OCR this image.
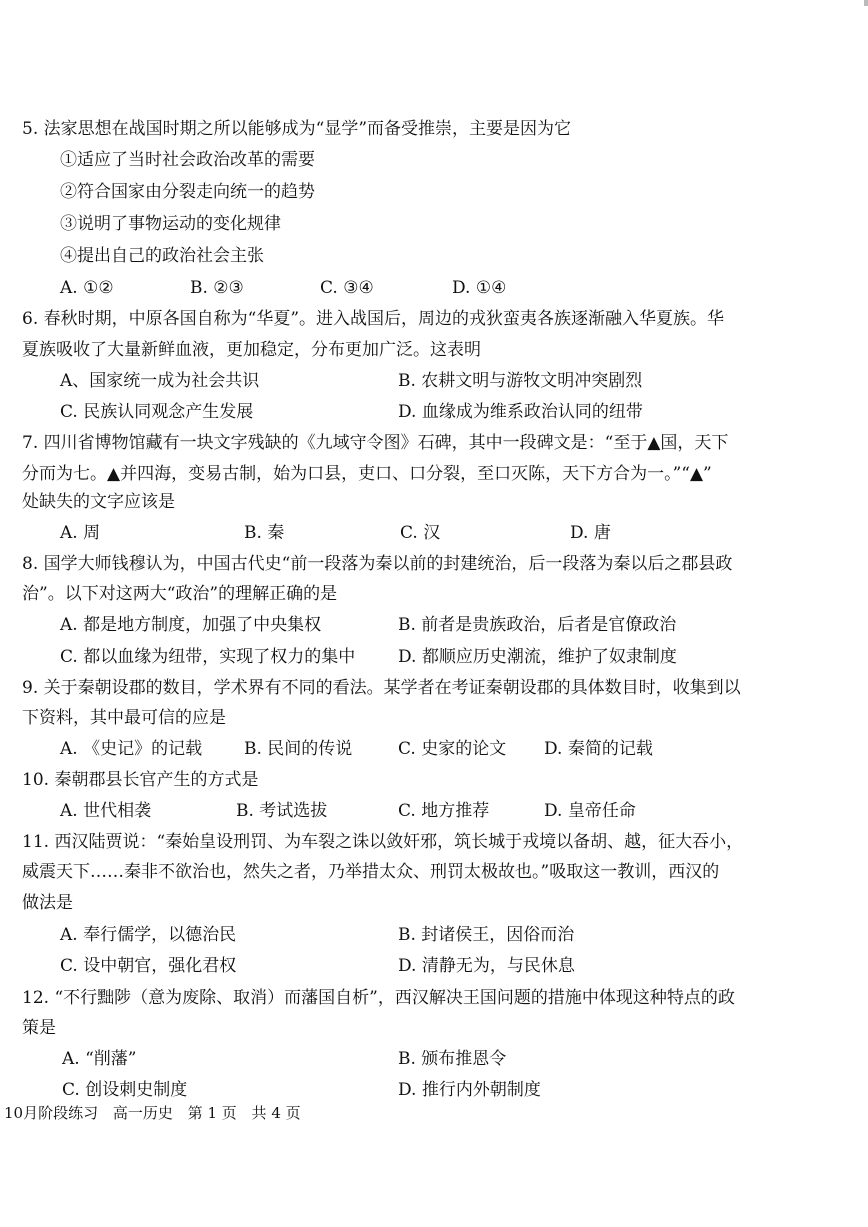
5. 法家思想在战国时期之所以能够成为“显学”而备受推崇，主要是因为它
①适应了当时社会政治改革的需要
②符合国家由分裂走向统一的趋势
③说明了事物运动的变化规律
④提出自己的政治社会主张
A. ①②	B. ②③	C. ③④	D. ①④
6. 春秋时期，中原各国自称为“华夏”。进入战国后，周边的戎狄蛮夷各族逐渐融入华夏族。华
夏族吸收了大量新鲜血液，更加稳定，分布更加广泛。这表明
A、国家统一成为社会共识	B. 农耕文明与游牧文明冲突剧烈
C. 民族认同观念产生发展	D. 血缘成为维系政治认同的纽带
7. 四川省博物馆藏有一块文字残缺的《九域守令图》石碑，其中一段碑文是：“至于▲国，天下
分而为七。▲并四海，变易古制，始为口县，吏口、口分裂，至口灭陈，天下方合为一。”“▲”
处缺失的文字应该是
A. 周	B. 秦	C. 汉	D. 唐
8. 国学大师钱穆认为，中国古代史“前一段落为秦以前的封建统治，后一段落为秦以后之郡县政
治”。以下对这两大“政治”的理解正确的是
A. 都是地方制度，加强了中央集权	B. 前者是贵族政治，后者是官僚政治
C. 都以血缘为纽带，实现了权力的集中	D. 都顺应历史潮流，维护了奴隶制度
9. 关于秦朝设郡的数目，学术界有不同的看法。某学者在考证秦朝设郡的具体数目时，收集到以
下资料，其中最可信的应是
A. 《史记》的记载 B. 民间的传说	C. 史家的论文 D. 秦简的记载
10. 秦朝郡县长官产生的方式是
A. 世代相袭	B. 考试选拔	C. 地方推荐	D. 皇帝任命
11. 西汉陆贾说：“秦始皇设刑罚、为车裂之诛以敛奸邪，筑长城于戎境以备胡、越，征大吞小，
威震天下……秦非不欲治也，然失之者，乃举措太众、刑罚太极故也。”吸取这一教训，西汉的
做法是
A. 奉行儒学，以德治民	B. 封诸侯王，因俗而治
C. 设中朝官，强化君权	D. 清静无为，与民休息
12. “不行黜陟（意为废除、取消）而藩国自析”，西汉解决王国问题的措施中体现这种特点的政
策是
A. “削藩”	B. 颁布推恩令
C. 创设刺史制度	D. 推行内外朝制度
10月阶段练习 高一历史 第 1 页 共 4 页
